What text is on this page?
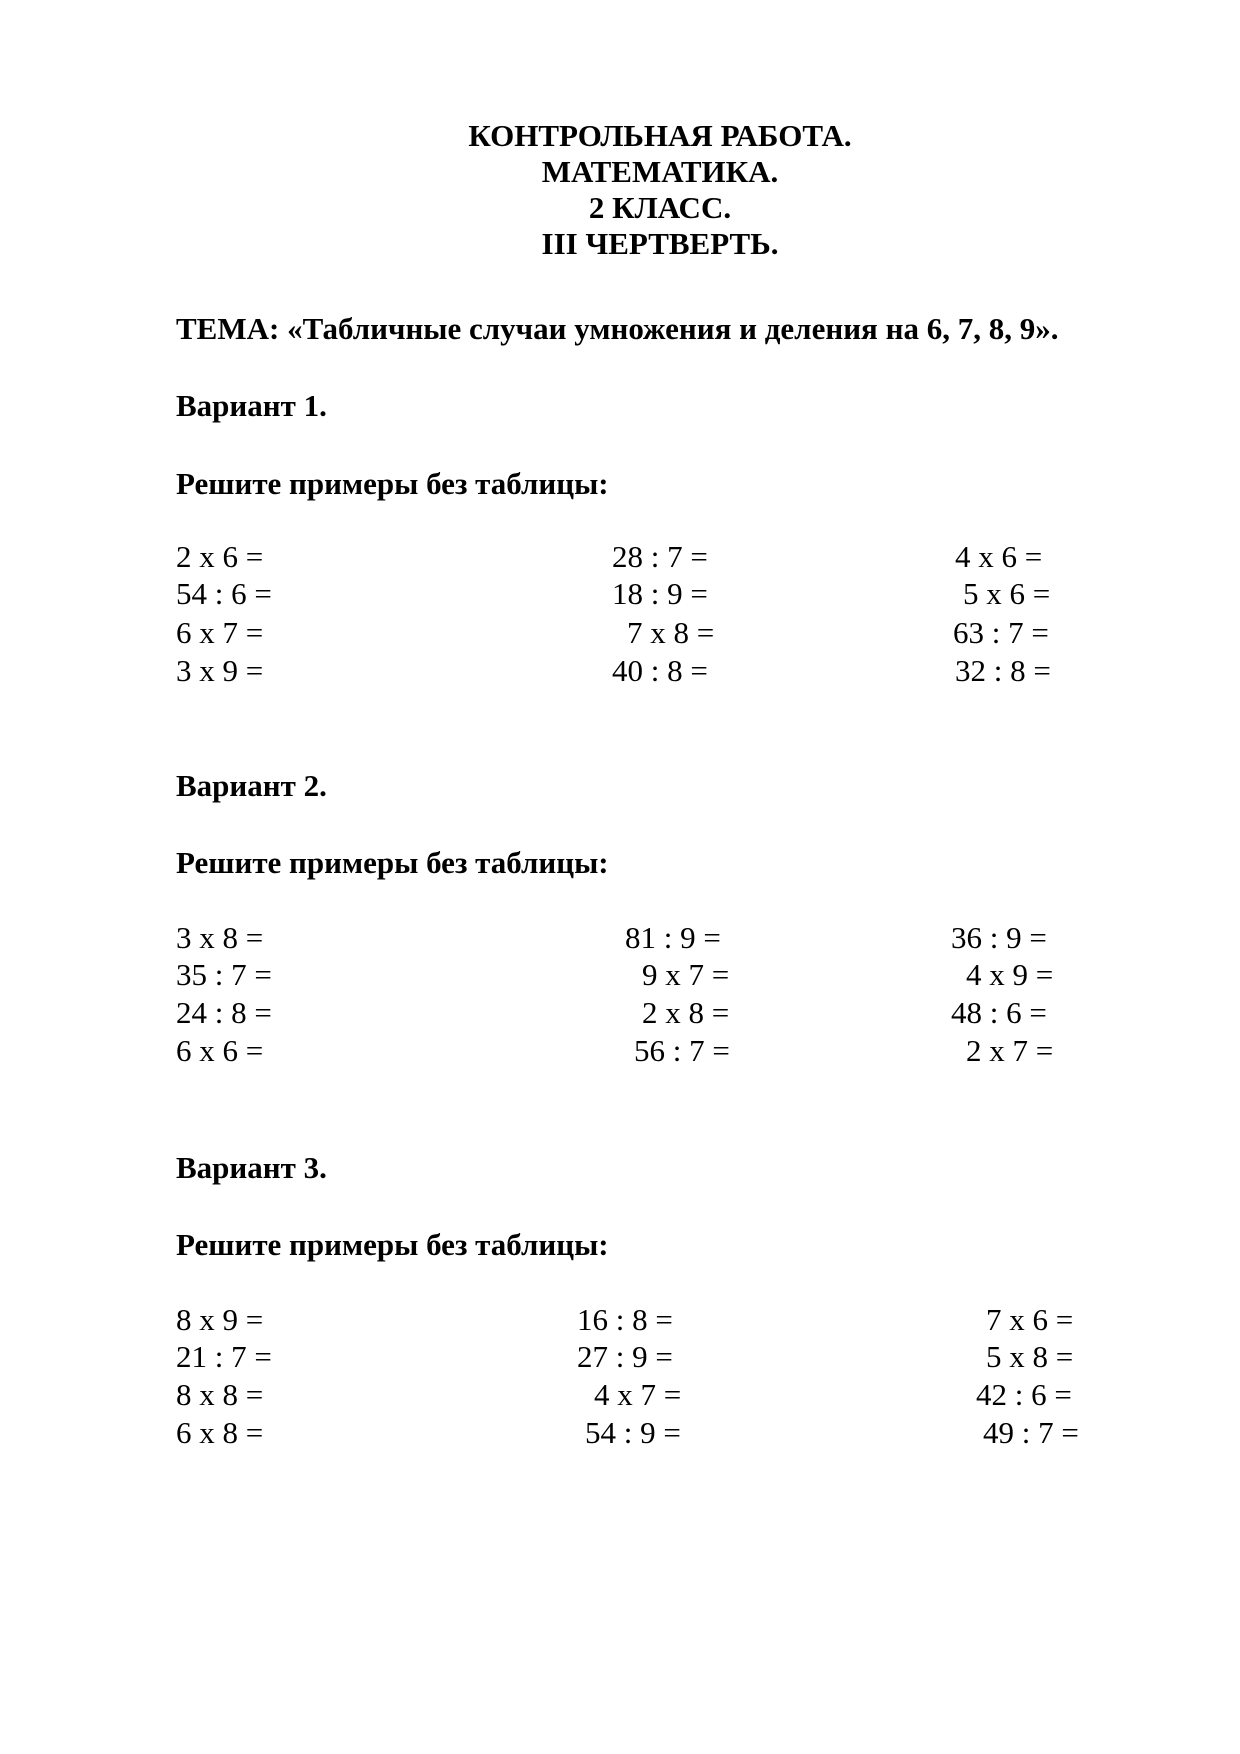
КОНТРОЛЬНАЯ РАБОТА.
МАТЕМАТИКА.
2 КЛАСС.
III ЧЕРТВЕРТЬ.
ТЕМА: «Табличные случаи умножения и деления на 6, 7, 8, 9».
Вариант 1.
Решите примеры без таблицы:
2 х 6 =
54 : 6 =
6 х 7 =
3 х 9 =
28 : 7 =
18 : 9 =
7 х 8 =
40 : 8 =
4 х 6 =
5 х 6 =
63 : 7 =
32 : 8 =
Вариант 2.
Решите примеры без таблицы:
3 х 8 =
35 : 7 =
24 : 8 =
6 х 6 =
81 : 9 =
9 х 7 =
2 х 8 =
56 : 7 =
36 : 9 =
4 х 9 =
48 : 6 =
2 х 7 =
Вариант 3.
Решите примеры без таблицы:
8 х 9 =
21 : 7 =
8 х 8 =
6 х 8 =
16 : 8 =
27 : 9 =
4 х 7 =
54 : 9 =
7 х 6 =
5 х 8 =
42 : 6 =
49 : 7 =
